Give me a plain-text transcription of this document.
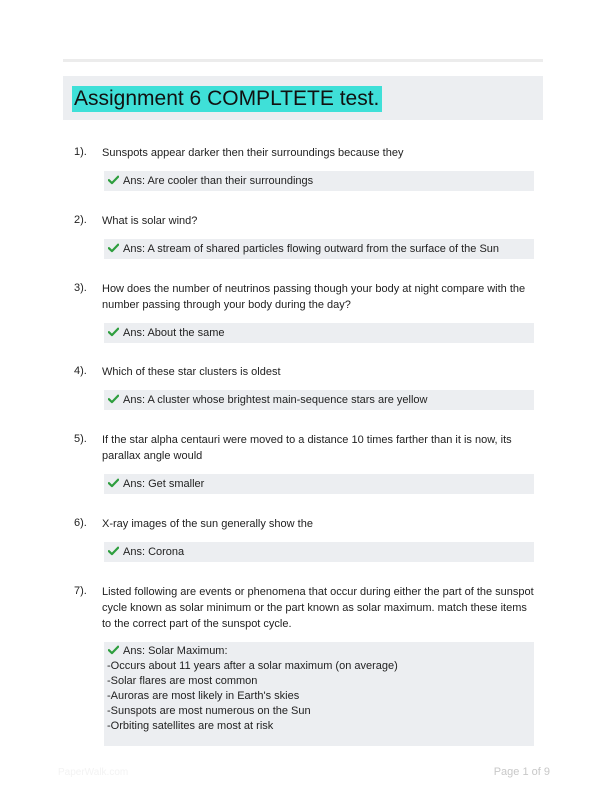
Assignment 6 COMPLTETE test.
1). Sunspots appear darker then their surroundings because they
Ans: Are cooler than their surroundings
2). What is solar wind?
Ans: A stream of shared particles flowing outward from the surface of the Sun
3). How does the number of neutrinos passing though your body at night compare with the number passing through your body during the day?
Ans: About the same
4). Which of these star clusters is oldest
Ans: A cluster whose brightest main-sequence stars are yellow
5). If the star alpha centauri were moved to a distance 10 times farther than it is now, its parallax angle would
Ans: Get smaller
6). X-ray images of the sun generally show the
Ans: Corona
7). Listed following are events or phenomena that occur during either the part of the sunspot cycle known as solar minimum or the part known as solar maximum. match these items to the correct part of the sunspot cycle.
Ans: Solar Maximum:
-Occurs about 11 years after a solar maximum (on average)
-Solar flares are most common
-Auroras are most likely in Earth's skies
-Sunspots are most numerous on the Sun
-Orbiting satellites are most at risk
PaperWalk.com	Page 1 of 9
